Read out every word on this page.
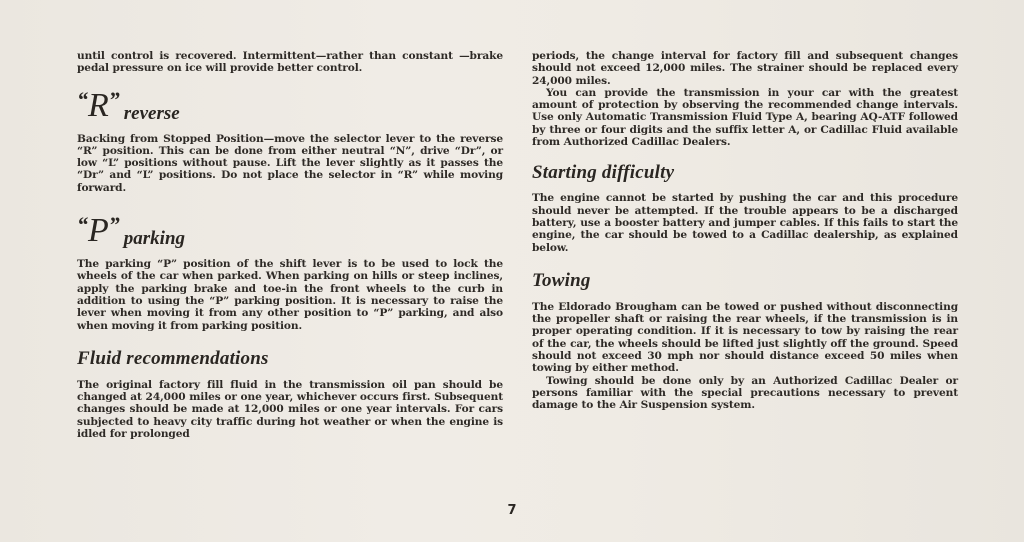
until control is recovered. Intermittent—rather than constant —brake pedal pressure on ice will provide better control.

“ R ”
reverse

Backing from Stopped Position—move the selector lever to the reverse “R” position. This can be done from either neutral “N”, drive “Dr”, or low “L” positions without pause. Lift the lever slightly as it passes the “Dr” and “L” positions. Do not place the selector in “R” while moving forward.

“ P ”
parking

The parking “P” position of the shift lever is to be used to lock the wheels of the car when parked. When parking on hills or steep inclines, apply the parking brake and toe-in the front wheels to the curb in addition to using the “P” parking position. It is necessary to raise the lever when moving it from any other position to “P” parking, and also when moving it from parking position.

Fluid recommendations

The original factory fill fluid in the transmission oil pan should be changed at 24,000 miles or one year, whichever occurs first. Subsequent changes should be made at 12,000 miles or one year intervals. For cars subjected to heavy city traffic during hot weather or when the engine is idled for prolonged

periods, the change interval for factory fill and subsequent changes should not exceed 12,000 miles. The strainer should be replaced every 24,000 miles.

You can provide the transmission in your car with the greatest amount of protection by observing the recommended change intervals. Use only Automatic Transmission Fluid Type A, bearing AQ-ATF followed by three or four digits and the suffix letter A, or Cadillac Fluid available from Authorized Cadillac Dealers.

Starting difficulty

The engine cannot be started by pushing the car and this procedure should never be attempted. If the trouble appears to be a discharged battery, use a booster battery and jumper cables. If this fails to start the engine, the car should be towed to a Cadillac dealership, as explained below.

Towing

The Eldorado Brougham can be towed or pushed without disconnecting the propeller shaft or raising the rear wheels, if the transmission is in proper operating condition. If it is necessary to tow by raising the rear of the car, the wheels should be lifted just slightly off the ground. Speed should not exceed 30 mph nor should distance exceed 50 miles when towing by either method.

Towing should be done only by an Authorized Cadillac Dealer or persons familiar with the special precautions necessary to prevent damage to the Air Suspension system.

7
